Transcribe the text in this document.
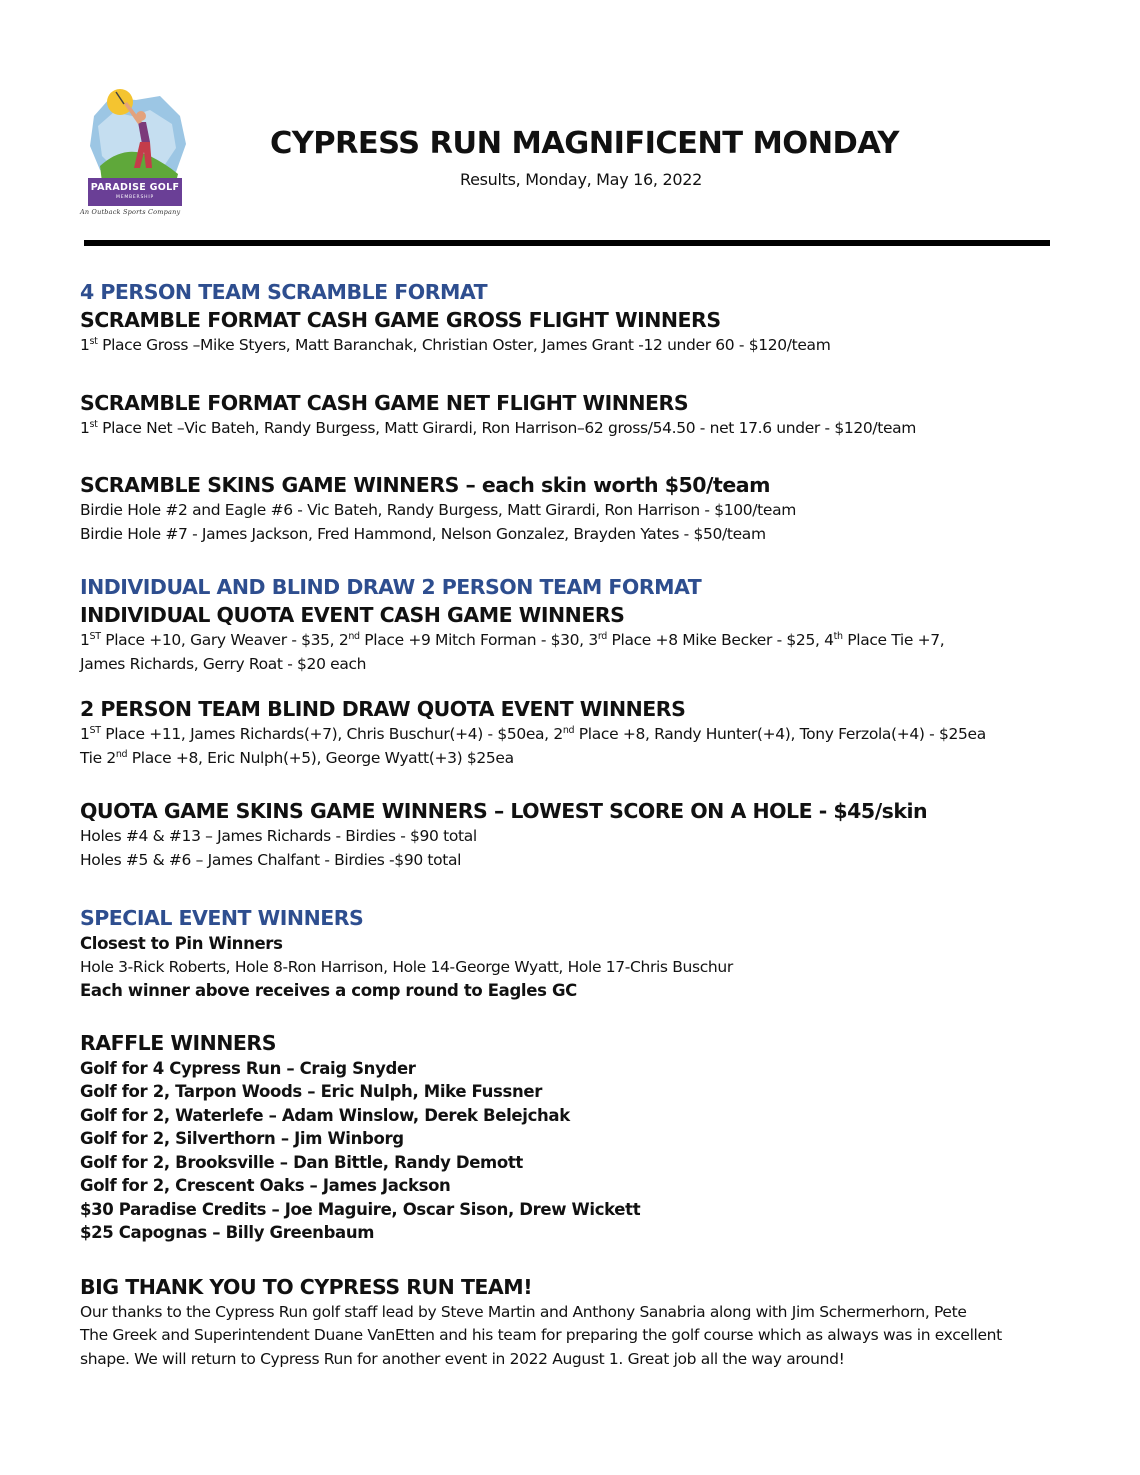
PARADISE GOLF
MEMBERSHIP
An Outback Sports Company
CYPRESS RUN MAGNIFICENT MONDAY
Results, Monday, May 16, 2022
4 PERSON TEAM SCRAMBLE FORMAT
SCRAMBLE FORMAT CASH GAME GROSS FLIGHT WINNERS
1st Place Gross –Mike Styers, Matt Baranchak, Christian Oster, James Grant -12 under 60 - $120/team
SCRAMBLE FORMAT CASH GAME NET FLIGHT WINNERS
1st Place Net –Vic Bateh, Randy Burgess, Matt Girardi, Ron Harrison–62 gross/54.50 - net 17.6 under - $120/team
SCRAMBLE SKINS GAME WINNERS – each skin worth $50/team
Birdie Hole #2 and Eagle #6 - Vic Bateh, Randy Burgess, Matt Girardi, Ron Harrison - $100/team
Birdie Hole #7 - James Jackson, Fred Hammond, Nelson Gonzalez, Brayden Yates - $50/team
INDIVIDUAL AND BLIND DRAW 2 PERSON TEAM FORMAT
INDIVIDUAL QUOTA EVENT CASH GAME WINNERS
1ST Place +10, Gary Weaver - $35, 2nd Place +9 Mitch Forman - $30, 3rd Place +8 Mike Becker - $25, 4th Place Tie +7,
James Richards, Gerry Roat - $20 each
2 PERSON TEAM BLIND DRAW QUOTA EVENT WINNERS
1ST Place +11, James Richards(+7), Chris Buschur(+4) - $50ea, 2nd Place +8, Randy Hunter(+4), Tony Ferzola(+4) - $25ea
Tie 2nd Place +8, Eric Nulph(+5), George Wyatt(+3) $25ea
QUOTA GAME SKINS GAME WINNERS – LOWEST SCORE ON A HOLE - $45/skin
Holes #4 & #13 – James Richards - Birdies - $90 total
Holes #5 & #6 – James Chalfant - Birdies -$90 total
SPECIAL EVENT WINNERS
Closest to Pin Winners
Hole 3-Rick Roberts, Hole 8-Ron Harrison, Hole 14-George Wyatt, Hole 17-Chris Buschur
Each winner above receives a comp round to Eagles GC
RAFFLE WINNERS
Golf for 4 Cypress Run – Craig Snyder
Golf for 2, Tarpon Woods – Eric Nulph, Mike Fussner
Golf for 2, Waterlefe – Adam Winslow, Derek Belejchak
Golf for 2, Silverthorn – Jim Winborg
Golf for 2, Brooksville – Dan Bittle, Randy Demott
Golf for 2, Crescent Oaks – James Jackson
$30 Paradise Credits – Joe Maguire, Oscar Sison, Drew Wickett
$25 Capognas – Billy Greenbaum
BIG THANK YOU TO CYPRESS RUN TEAM!
Our thanks to the Cypress Run golf staff lead by Steve Martin and Anthony Sanabria along with Jim Schermerhorn, Pete
The Greek and Superintendent Duane VanEtten and his team for preparing the golf course which as always was in excellent
shape. We will return to Cypress Run for another event in 2022 August 1. Great job all the way around!
